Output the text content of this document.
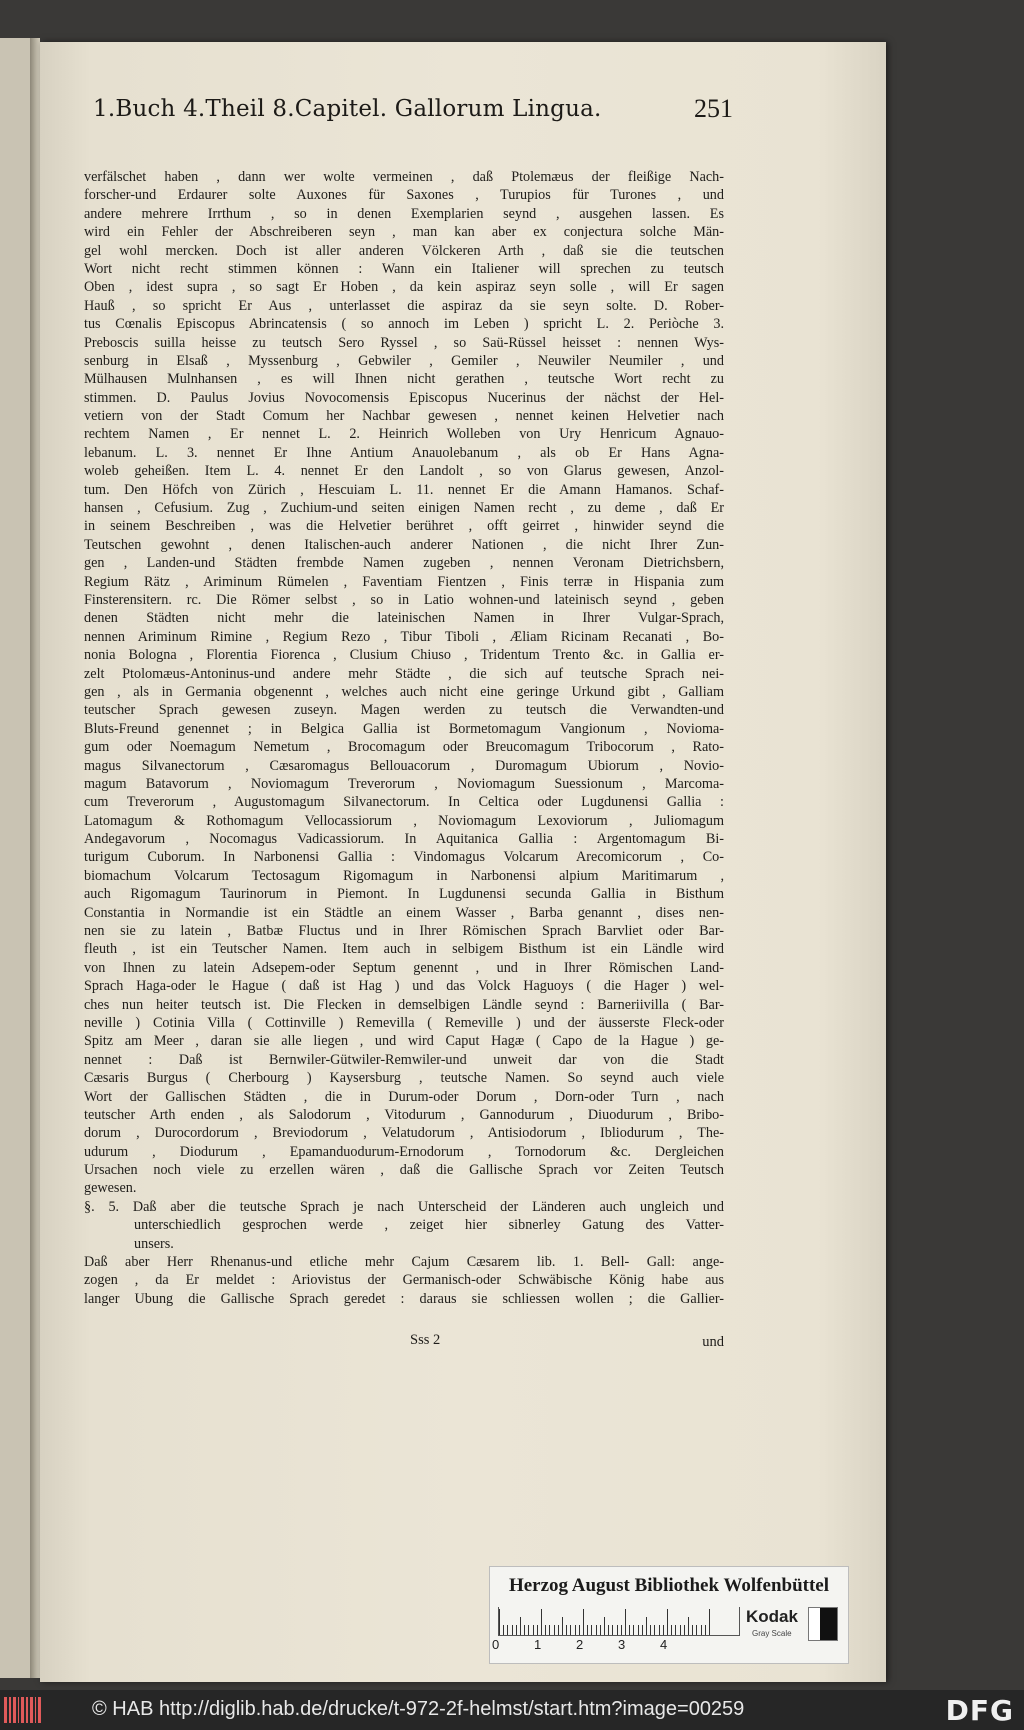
1.Buch 4.Theil 8.Capitel. Gallorum Lingua.	251
verfälschet haben , dann wer wolte vermeinen , daß Ptolemæus der fleißige Nach-
forscher-und Erdaurer solte Auxones für Saxones , Turupios für Turones , und
andere mehrere Irrthum , so in denen Exemplarien seynd , ausgehen lassen. Es
wird ein Fehler der Abschreiberen seyn , man kan aber ex conjectura solche Män-
gel wohl mercken. Doch ist aller anderen Völckeren Arth , daß sie die teutschen
Wort nicht recht stimmen können : Wann ein Italiener will sprechen zu teutsch
Oben , idest supra , so sagt Er Hoben , da kein aspiraz seyn solle , will Er sagen
Hauß , so spricht Er Aus , unterlasset die aspiraz da sie seyn solte. D. Rober-
tus Cœnalis Episcopus Abrincatensis ( so annoch im Leben ) spricht L. 2. Periòche 3.
Preboscis suilla heisse zu teutsch Sero Ryssel , so Saü-Rüssel heisset : nennen Wys-
senburg in Elsaß , Myssenburg , Gebwiler , Gemiler , Neuwiler Neumiler , und
Mülhausen Mulnhansen , es will Ihnen nicht gerathen , teutsche Wort recht zu
stimmen. D. Paulus Jovius Novocomensis Episcopus Nucerinus der nächst der Hel-
vetiern von der Stadt Comum her Nachbar gewesen , nennet keinen Helvetier nach
rechtem Namen , Er nennet L. 2. Heinrich Wolleben von Ury Henricum Agnauo-
lebanum. L. 3. nennet Er Ihne Antium Anauolebanum , als ob Er Hans Agna-
woleb geheißen. Item L. 4. nennet Er den Landolt , so von Glarus gewesen, Anzol-
tum. Den Höfch von Zürich , Hescuiam L. 11. nennet Er die Amann Hamanos. Schaf-
hansen , Cefusium. Zug , Zuchium-und seiten einigen Namen recht , zu deme , daß Er
in seinem Beschreiben , was die Helvetier berühret , offt geirret , hinwider seynd die
Teutschen gewohnt , denen Italischen-auch anderer Nationen , die nicht Ihrer Zun-
gen , Landen-und Städten frembde Namen zugeben , nennen Veronam Dietrichsbern,
Regium Rätz , Ariminum Rümelen , Faventiam Fientzen , Finis terræ in Hispania zum
Finsterensitern. rc. Die Römer selbst , so in Latio wohnen-und lateinisch seynd , geben
denen Städten nicht mehr die lateinischen Namen in Ihrer Vulgar-Sprach,
nennen Ariminum Rimine , Regium Rezo , Tibur Tiboli , Æliam Ricinam Recanati , Bo-
nonia Bologna , Florentia Fiorenca , Clusium Chiuso , Tridentum Trento &c. in Gallia er-
zelt Ptolomæus-Antoninus-und andere mehr Städte , die sich auf teutsche Sprach nei-
gen , als in Germania obgenennt , welches auch nicht eine geringe Urkund gibt , Galliam
teutscher Sprach gewesen zuseyn. Magen werden zu teutsch die Verwandten-und
Bluts-Freund genennet ; in Belgica Gallia ist Bormetomagum Vangionum , Novioma-
gum oder Noemagum Nemetum , Brocomagum oder Breucomagum Tribocorum , Rato-
magus Silvanectorum , Cæsaromagus Bellouacorum , Duromagum Ubiorum , Novio-
magum Batavorum , Noviomagum Treverorum , Noviomagum Suessionum , Marcoma-
cum Treverorum , Augustomagum Silvanectorum. In Celtica oder Lugdunensi Gallia :
Latomagum & Rothomagum Vellocassiorum , Noviomagum Lexoviorum , Juliomagum
Andegavorum , Nocomagus Vadicassiorum. In Aquitanica Gallia : Argentomagum Bi-
turigum Cuborum. In Narbonensi Gallia : Vindomagus Volcarum Arecomicorum , Co-
biomachum Volcarum Tectosagum Rigomagum in Narbonensi alpium Maritimarum ,
auch Rigomagum Taurinorum in Piemont. In Lugdunensi secunda Gallia in Bisthum
Constantia in Normandie ist ein Städtle an einem Wasser , Barba genannt , dises nen-
nen sie zu latein , Batbæ Fluctus und in Ihrer Römischen Sprach Barvliet oder Bar-
fleuth , ist ein Teutscher Namen. Item auch in selbigem Bisthum ist ein Ländle wird
von Ihnen zu latein Adsepem-oder Septum genennt , und in Ihrer Römischen Land-
Sprach Haga-oder le Hague ( daß ist Hag ) und das Volck Haguoys ( die Hager ) wel-
ches nun heiter teutsch ist. Die Flecken in demselbigen Ländle seynd : Barneriivilla ( Bar-
neville ) Cotinia Villa ( Cottinville ) Remevilla ( Remeville ) und der äusserste Fleck-oder
Spitz am Meer , daran sie alle liegen , und wird Caput Hagæ ( Capo de la Hague ) ge-
nennet : Daß ist Bernwiler-Gütwiler-Remwiler-und unweit dar von die Stadt
Cæsaris Burgus ( Cherbourg ) Kaysersburg , teutsche Namen. So seynd auch viele
Wort der Gallischen Städten , die in Durum-oder Dorum , Dorn-oder Turn , nach
teutscher Arth enden , als Salodorum , Vitodurum , Gannodurum , Diuodurum , Bribo-
dorum , Durocordorum , Breviodorum , Velatudorum , Antisiodorum , Ibliodurum , The-
udurum , Diodurum , Epamanduodurum-Ernodorum , Tornodorum &c. Dergleichen
Ursachen noch viele zu erzellen wären , daß die Gallische Sprach vor Zeiten Teutsch
gewesen.
§. 5. Daß aber die teutsche Sprach je nach Unterscheid der Länderen auch ungleich und
unterschiedlich gesprochen werde , zeiget hier sibnerley Gatung des Vatter-
unsers.
Daß aber Herr Rhenanus-und etliche mehr Cajum Cæsarem lib. 1. Bell- Gall: ange-
zogen , da Er meldet : Ariovistus der Germanisch-oder Schwäbische König habe aus
langer Ubung die Gallische Sprach geredet : daraus sie schliessen wollen ; die Gallier-
Sss 2	und
Herzog August Bibliothek Wolfenbüttel
0	1	2	3	4
Kodak
Gray Scale
© HAB http://diglib.hab.de/drucke/t-972-2f-helmst/start.htm?image=00259	DFG
